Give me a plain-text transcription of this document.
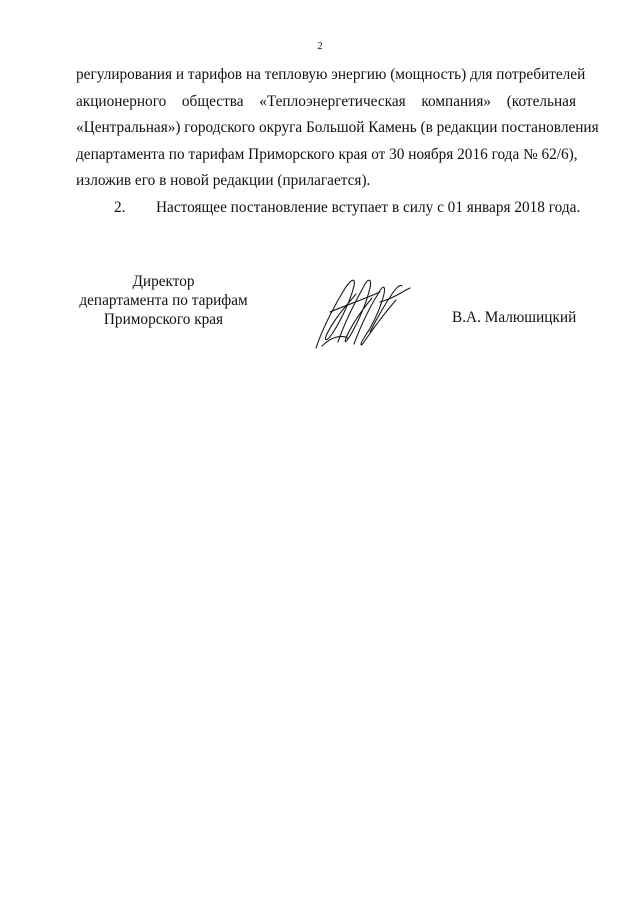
2
регулирования и тарифов на тепловую энергию (мощность) для потребителей
акционерного общества «Теплоэнергетическая компания» (котельная
«Центральная») городского округа Большой Камень (в редакции постановления
департамента по тарифам Приморского края от 30 ноября 2016 года № 62/6),
изложив его в новой редакции (прилагается).
2. Настоящее постановление вступает в силу с 01 января 2018 года.
Директор
департамента по тарифам
Приморского края	В.А. Малюшицкий
